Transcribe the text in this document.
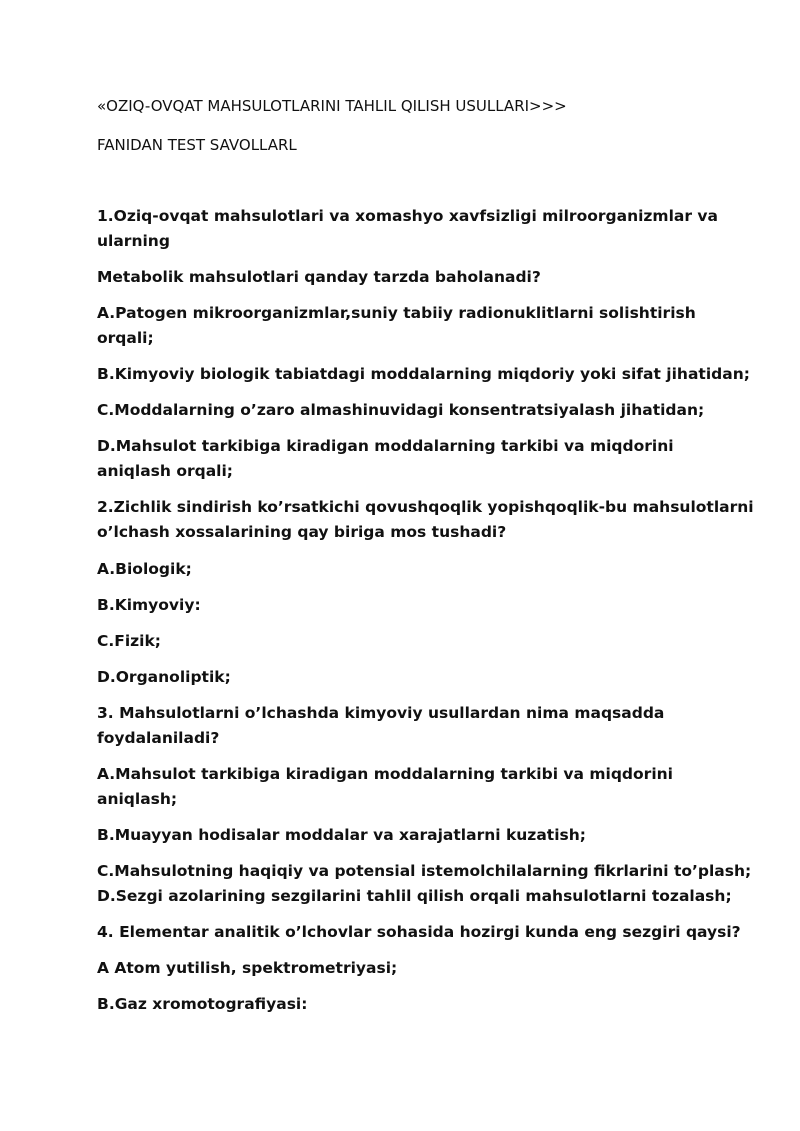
«OZIQ-OVQAT MAHSULOTLARINI TAHLIL QILISH USULLARI>>>
FANIDAN TEST SAVOLLARL
1.Oziq-ovqat mahsulotlari va xomashyo xavfsizligi milroorganizmlar va
ularning
Metabolik mahsulotlari qanday tarzda baholanadi?
A.Patogen mikroorganizmlar,suniy tabiiy radionuklitlarni solishtirish
orqali;
B.Kimyoviy biologik tabiatdagi moddalarning miqdoriy yoki sifat jihatidan;
C.Moddalarning o’zaro almashinuvidagi konsentratsiyalash jihatidan;
D.Mahsulot tarkibiga kiradigan moddalarning tarkibi va miqdorini
aniqlash orqali;
2.Zichlik sindirish ko’rsatkichi qovushqoqlik yopishqoqlik-bu mahsulotlarni
o’lchash xossalarining qay biriga mos tushadi?
A.Biologik;
B.Kimyoviy:
C.Fizik;
D.Organoliptik;
3. Mahsulotlarni o’lchashda kimyoviy usullardan nima maqsadda
foydalaniladi?
A.Mahsulot tarkibiga kiradigan moddalarning tarkibi va miqdorini
aniqlash;
B.Muayyan hodisalar moddalar va xarajatlarni kuzatish;
C.Mahsulotning haqiqiy va potensial istemolchilalarning fikrlarini to’plash;
D.Sezgi azolarining sezgilarini tahlil qilish orqali mahsulotlarni tozalash;
4. Elementar analitik o’lchovlar sohasida hozirgi kunda eng sezgiri qaysi?
A Atom yutilish, spektrometriyasi;
B.Gaz xromotografiyasi:
